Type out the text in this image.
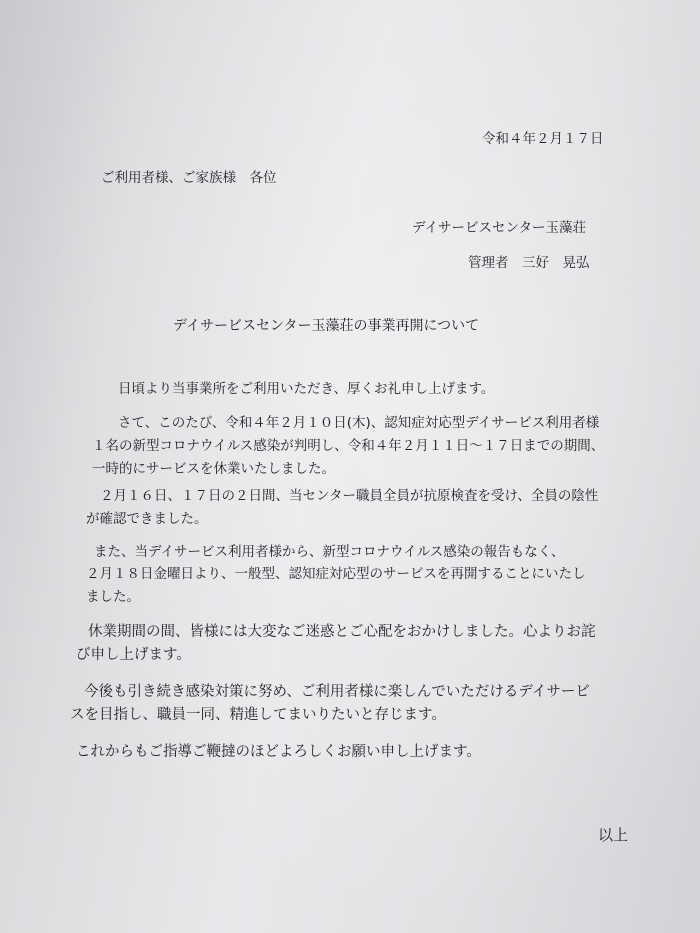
令和４年２月１７日
ご利用者様、ご家族様　各位
デイサービスセンター玉藻荘
管理者　三好　晃弘
デイサービスセンター玉藻荘の事業再開について
日頃より当事業所をご利用いただき、厚くお礼申し上げます。
さて、このたび、令和４年２月１０日(木)、認知症対応型デイサービス利用者様
１名の新型コロナウイルス感染が判明し、令和４年２月１１日～１７日までの期間、
一時的にサービスを休業いたしました。
２月１６日、１７日の２日間、当センター職員全員が抗原検査を受け、全員の陰性
が確認できました。
また、当デイサービス利用者様から、新型コロナウイルス感染の報告もなく、
２月１８日金曜日より、一般型、認知症対応型のサービスを再開することにいたし
ました。
休業期間の間、皆様には大変なご迷惑とご心配をおかけしました。心よりお詫
び申し上げます。
今後も引き続き感染対策に努め、ご利用者様に楽しんでいただけるデイサービ
スを目指し、職員一同、精進してまいりたいと存じます。
これからもご指導ご鞭撻のほどよろしくお願い申し上げます。
以上
